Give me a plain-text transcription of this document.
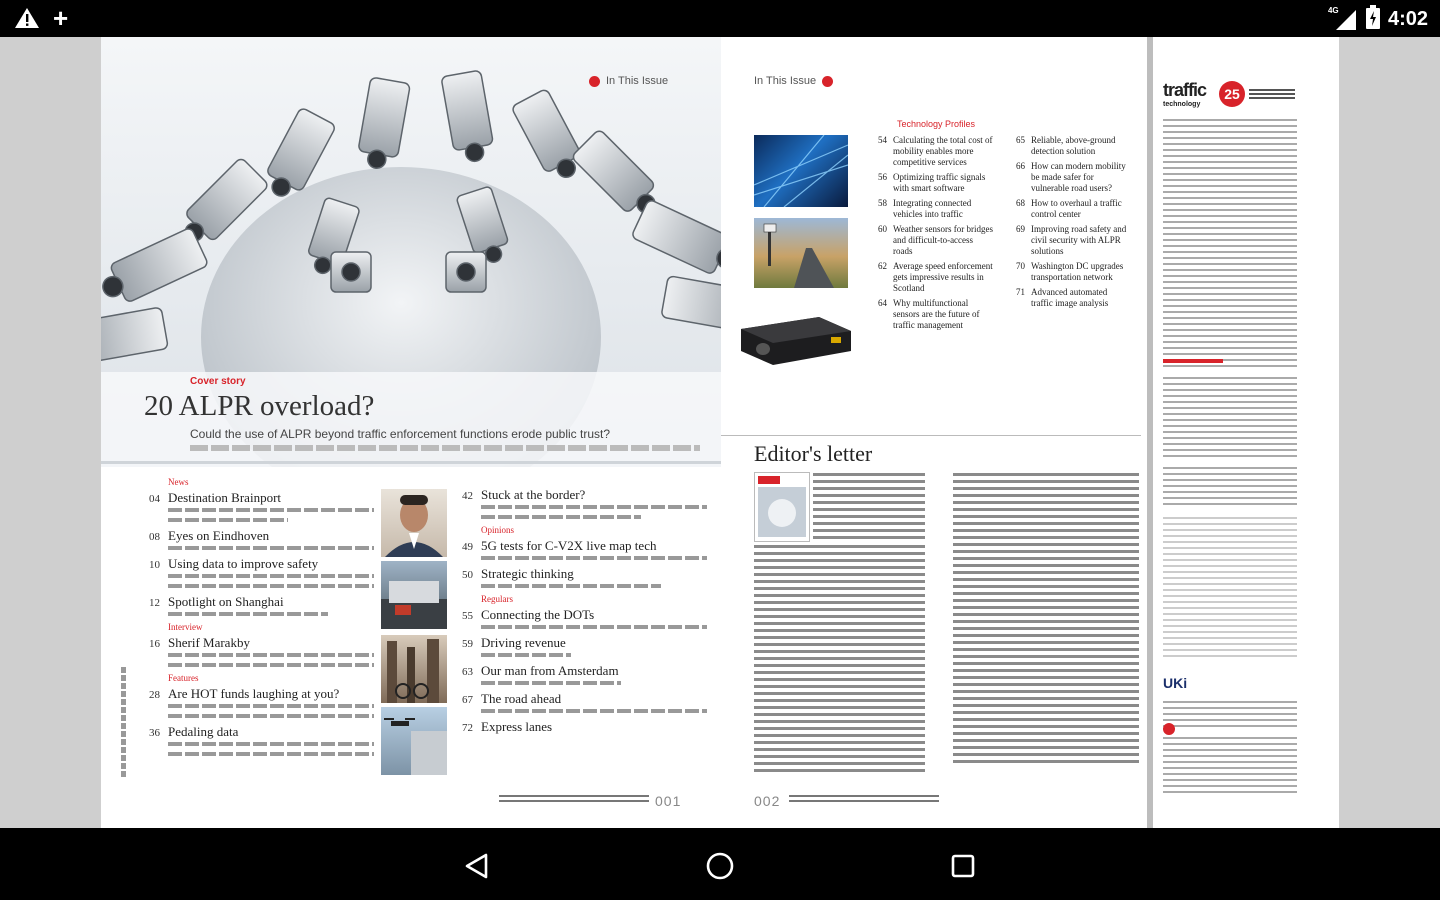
+	4G 4:02
In This Issue
Cover story
20 ALPR overload?
Could the use of ALPR beyond traffic enforcement functions erode public trust?
News
04 Destination Brainport
08 Eyes on Eindhoven
10 Using data to improve safety
12 Spotlight on Shanghai
Interview
16 Sherif Marakby
Features
28 Are HOT funds laughing at you?
36 Pedaling data
42 Stuck at the border?
Opinions
49 5G tests for C-V2X live map tech
50 Strategic thinking
Regulars
55 Connecting the DOTs
59 Driving revenue
63 Our man from Amsterdam
67 The road ahead
72 Express lanes
001
In This Issue
Technology Profiles
54 Calculating the total cost of mobility enables more competitive services
56 Optimizing traffic signals with smart software
58 Integrating connected vehicles into traffic
60 Weather sensors for bridges and difficult-to-access roads
62 Average speed enforcement gets impressive results in Scotland
64 Why multifunctional sensors are the future of traffic management
65 Reliable, above-ground detection solution
66 How can modern mobility be made safer for vulnerable road users?
68 How to overhaul a traffic control center
69 Improving road safety and civil security with ALPR solutions
70 Washington DC upgrades transportation network
71 Advanced automated traffic image analysis
Editor's letter
002
traffic
technology
25
UKi
